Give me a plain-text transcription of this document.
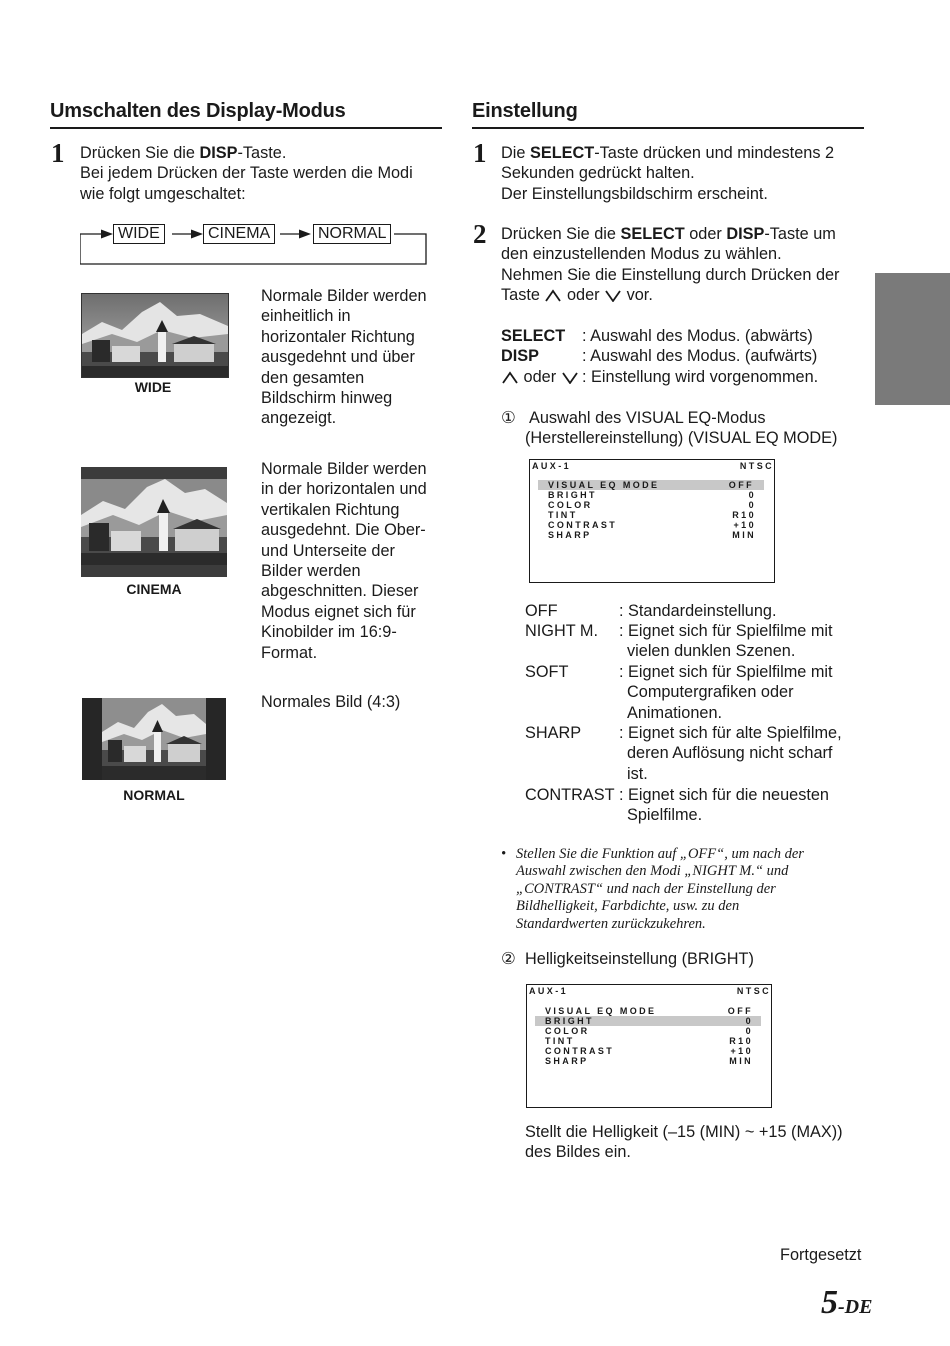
Umschalten des Display-Modus
1 Drücken Sie die DISP-Taste.
Bei jedem Drücken der Taste werden die Modi
wie folgt umgeschaltet:
WIDE	CINEMA	NORMAL
WIDE
Normale Bilder werden
einheitlich in
horizontaler Richtung
ausgedehnt und über
den gesamten
Bildschirm hinweg
angezeigt.
CINEMA
Normale Bilder werden
in der horizontalen und
vertikalen Richtung
ausgedehnt. Die Ober-
und Unterseite der
Bilder werden
abgeschnitten. Dieser
Modus eignet sich für
Kinobilder im 16:9-
Format.
NORMAL
Normales Bild (4:3)
Einstellung
1 Die SELECT-Taste drücken und mindestens 2
Sekunden gedrückt halten.
Der Einstellungsbildschirm erscheint.
2 Drücken Sie die SELECT oder DISP-Taste um
den einzustellenden Modus zu wählen.
Nehmen Sie die Einstellung durch Drücken der
Taste  oder  vor.
SELECT : Auswahl des Modus. (abwärts)
DISP	: Auswahl des Modus. (aufwärts)
oder	: Einstellung wird vorgenommen.
① Auswahl des VISUAL EQ-Modus
(Herstellereinstellung) (VISUAL EQ MODE)
AUX-1	NTSC
VISUAL EQ MODE	OFF
BRIGHT	0
COLOR	0
TINT	R10
CONTRAST	+10
SHARP	MIN
OFF	: Standardeinstellung.
NIGHT M. : Eignet sich für Spielfilme mit
vielen dunklen Szenen.
SOFT	: Eignet sich für Spielfilme mit
Computergrafiken oder
Animationen.
SHARP : Eignet sich für alte Spielfilme,
deren Auflösung nicht scharf
ist.
CONTRAST : Eignet sich für die neuesten
Spielfilme.
• Stellen Sie die Funktion auf „OFF“, um nach der
Auswahl zwischen den Modi „NIGHT M.“ und
„CONTRAST“ und nach der Einstellung der
Bildhelligkeit, Farbdichte, usw. zu den
Standardwerten zurückzukehren.
② Helligkeitseinstellung (BRIGHT)
AUX-1	NTSC
VISUAL EQ MODE	OFF
BRIGHT	0
COLOR	0
TINT	R10
CONTRAST	+10
SHARP	MIN
Stellt die Helligkeit (–15 (MIN) ~ +15 (MAX))
des Bildes ein.
Fortgesetzt
5-DE
